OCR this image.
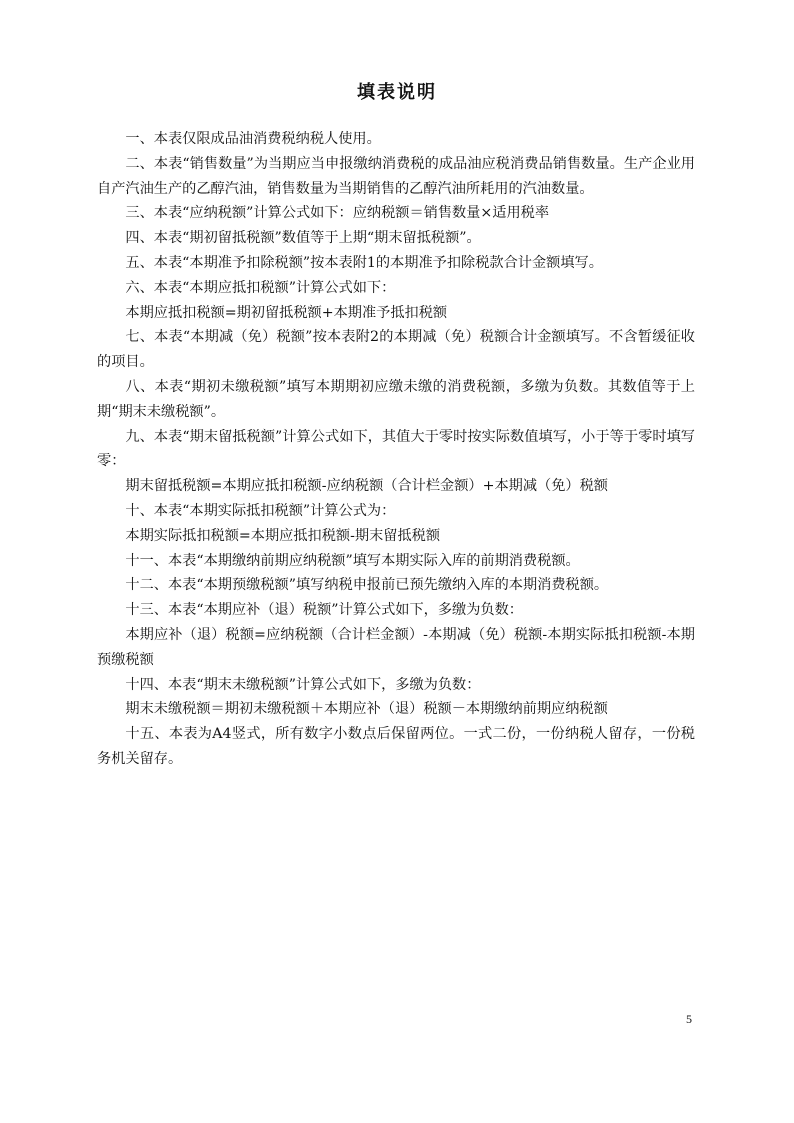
填表说明

一、本表仅限成品油消费税纳税人使用。

二、本表“销售数量”为当期应当申报缴纳消费税的成品油应税消费品销售数量。生产企业用自产汽油生产的乙醇汽油，销售数量为当期销售的乙醇汽油所耗用的汽油数量。

三、本表“应纳税额”计算公式如下：应纳税额＝销售数量×适用税率

四、本表“期初留抵税额”数值等于上期“期末留抵税额”。

五、本表“本期准予扣除税额”按本表附1的本期准予扣除税款合计金额填写。

六、本表“本期应抵扣税额”计算公式如下：

本期应抵扣税额=期初留抵税额+本期准予抵扣税额

七、本表“本期减（免）税额”按本表附2的本期减（免）税额合计金额填写。不含暂缓征收的项目。

八、本表“期初未缴税额”填写本期期初应缴未缴的消费税额，多缴为负数。其数值等于上期“期末未缴税额”。

九、本表“期末留抵税额”计算公式如下，其值大于零时按实际数值填写，小于等于零时填写零：

期末留抵税额=本期应抵扣税额-应纳税额（合计栏金额）+本期减（免）税额

十、本表“本期实际抵扣税额”计算公式为：

本期实际抵扣税额=本期应抵扣税额-期末留抵税额

十一、本表“本期缴纳前期应纳税额”填写本期实际入库的前期消费税额。

十二、本表“本期预缴税额”填写纳税申报前已预先缴纳入库的本期消费税额。

十三、本表“本期应补（退）税额”计算公式如下，多缴为负数：

本期应补（退）税额=应纳税额（合计栏金额）-本期减（免）税额-本期实际抵扣税额-本期预缴税额

十四、本表“期末未缴税额”计算公式如下，多缴为负数：

期末未缴税额＝期初未缴税额＋本期应补（退）税额－本期缴纳前期应纳税额

十五、本表为A4竖式，所有数字小数点后保留两位。一式二份，一份纳税人留存，一份税务机关留存。

5
